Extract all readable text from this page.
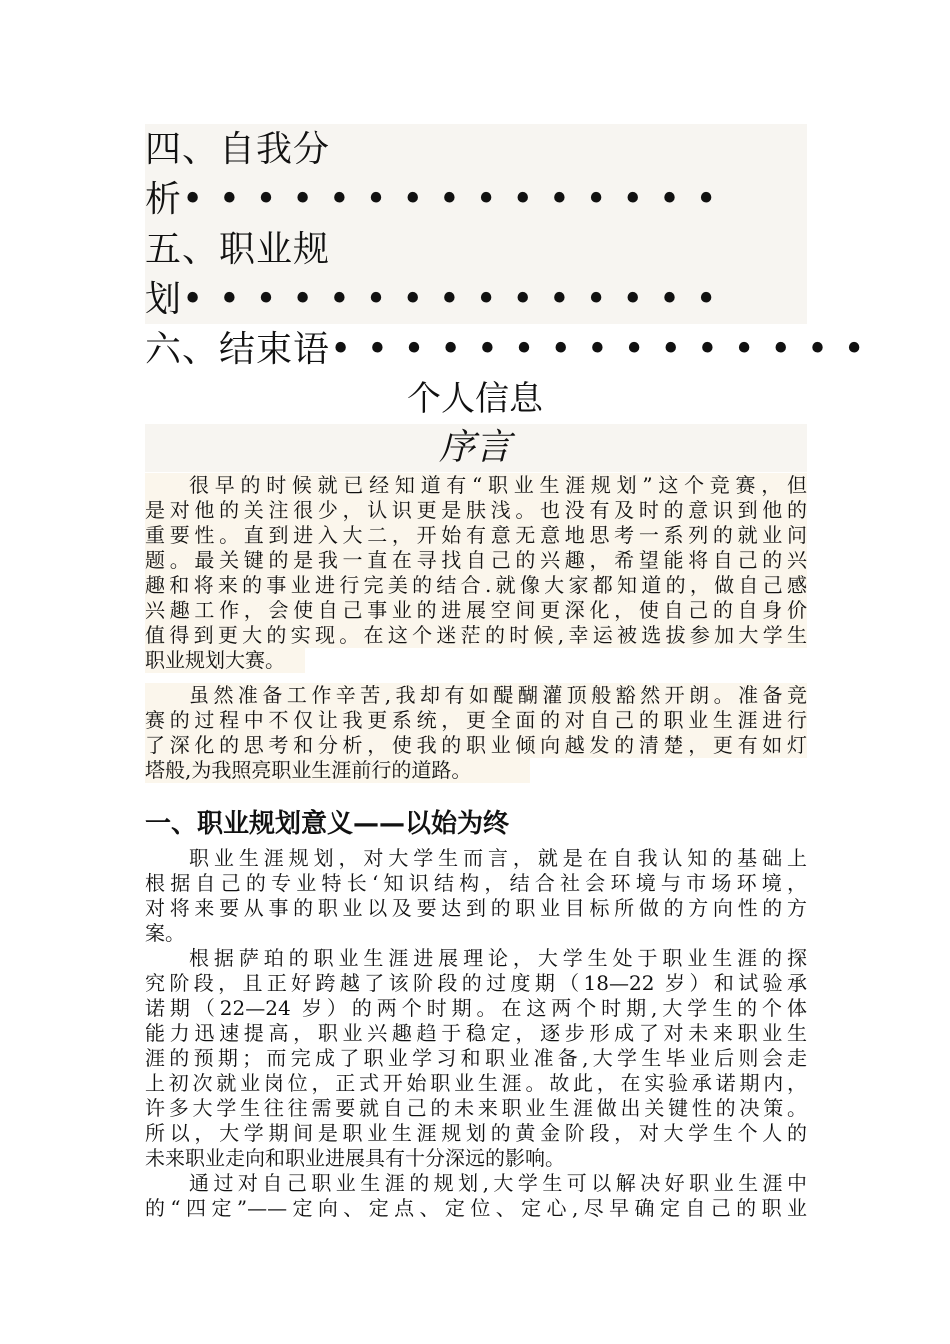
四、自我分
析• • • • • • • • • • • • • • •
五、职业规
划• • • • • • • • • • • • • • •
六、结束语• • • • • • • • • • • • • • •
个人信息
序言
很早的时候就已经知道有“职业生涯规划”这个竞赛，但
是对他的关注很少，认识更是肤浅。也没有及时的意识到他的
重要性。直到进入大二，开始有意无意地思考一系列的就业问
题。最关键的是我一直在寻找自己的兴趣，希望能将自己的兴
趣和将来的事业进行完美的结合.就像大家都知道的，做自己感
兴趣工作，会使自己事业的进展空间更深化，使自己的自身价
值得到更大的实现。在这个迷茫的时候,幸运被选拔参加大学生
职业规划大赛。
虽然准备工作辛苦,我却有如醍醐灌顶般豁然开朗。准备竞
赛的过程中不仅让我更系统，更全面的对自己的职业生涯进行
了深化的思考和分析，使我的职业倾向越发的清楚，更有如灯
塔般,为我照亮职业生涯前行的道路。
一、职业规划意义——以始为终
职业生涯规划，对大学生而言，就是在自我认知的基础上
根据自己的专业特长‘知识结构，结合社会环境与市场环境，
对将来要从事的职业以及要达到的职业目标所做的方向性的方
案。
根据萨珀的职业生涯进展理论，大学生处于职业生涯的探
究阶段，且正好跨越了该阶段的过度期（18—22 岁）和试验承
诺期（22—24 岁）的两个时期。在这两个时期,大学生的个体
能力迅速提高，职业兴趣趋于稳定，逐步形成了对未来职业生
涯的预期；而完成了职业学习和职业准备,大学生毕业后则会走
上初次就业岗位，正式开始职业生涯。故此，在实验承诺期内，
许多大学生往往需要就自己的未来职业生涯做出关键性的决策。
所以，大学期间是职业生涯规划的黄金阶段，对大学生个人的
未来职业走向和职业进展具有十分深远的影响。
通过对自己职业生涯的规划,大学生可以解决好职业生涯中
的“四定”——定向、定点、定位、定心,尽早确定自己的职业
